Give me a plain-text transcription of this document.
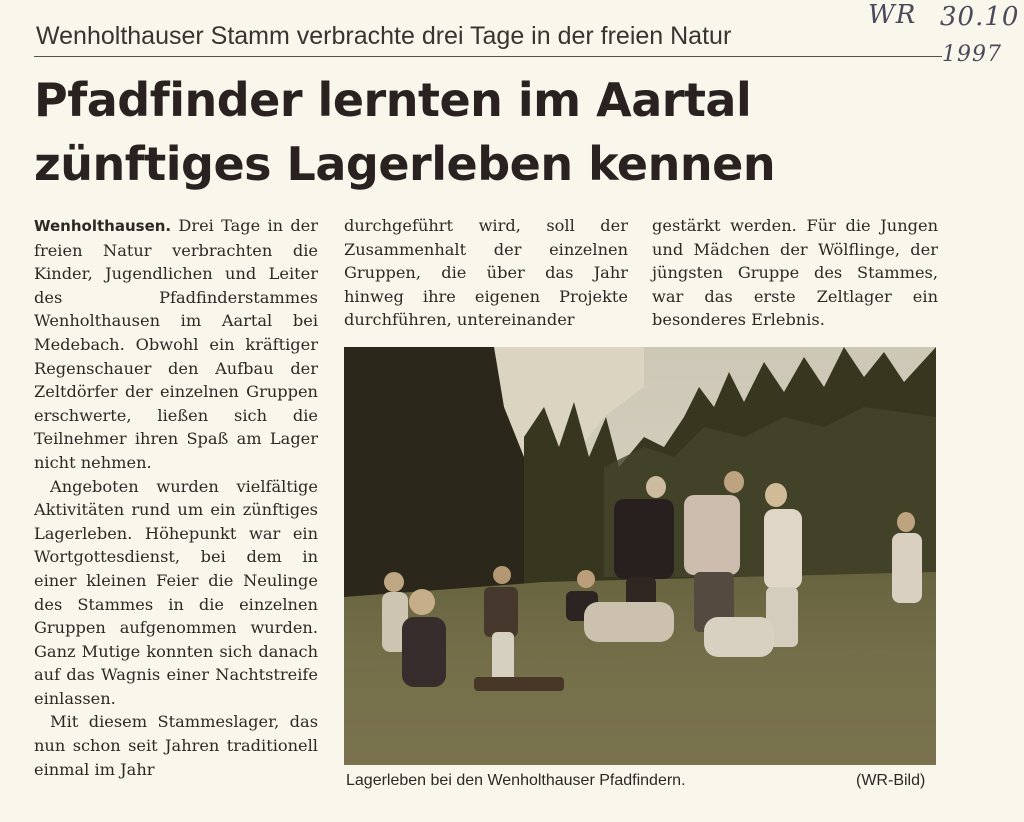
WR 30.10
1997
Wenholthauser Stamm verbrachte drei Tage in der freien Natur
Pfadfinder lernten im Aartal
zünftiges Lagerleben kennen

Wenholthausen. Drei Tage in der freien Natur verbrachten die Kinder, Jugendlichen und Leiter des Pfadfinderstammes Wenholthausen im Aartal bei Medebach. Obwohl ein kräftiger Regenschauer den Aufbau der Zeltdörfer der einzelnen Gruppen erschwerte, ließen sich die Teilnehmer ihren Spaß am Lager nicht nehmen.

Angeboten wurden vielfältige Aktivitäten rund um ein zünftiges Lagerleben. Höhepunkt war ein Wortgottesdienst, bei dem in einer kleinen Feier die Neulinge des Stammes in die einzelnen Gruppen aufgenommen wurden. Ganz Mutige konnten sich danach auf das Wagnis einer Nachtstreife einlassen.

Mit diesem Stammeslager, das nun schon seit Jahren traditionell einmal im Jahr

durchgeführt wird, soll der Zusammenhalt der einzelnen Gruppen, die über das Jahr hinweg ihre eigenen Projekte durchführen, untereinander

gestärkt werden. Für die Jungen und Mädchen der Wölflinge, der jüngsten Gruppe des Stammes, war das erste Zeltlager ein besonderes Erlebnis.

Lagerleben bei den Wenholthauser Pfadfindern.	(WR-Bild)
